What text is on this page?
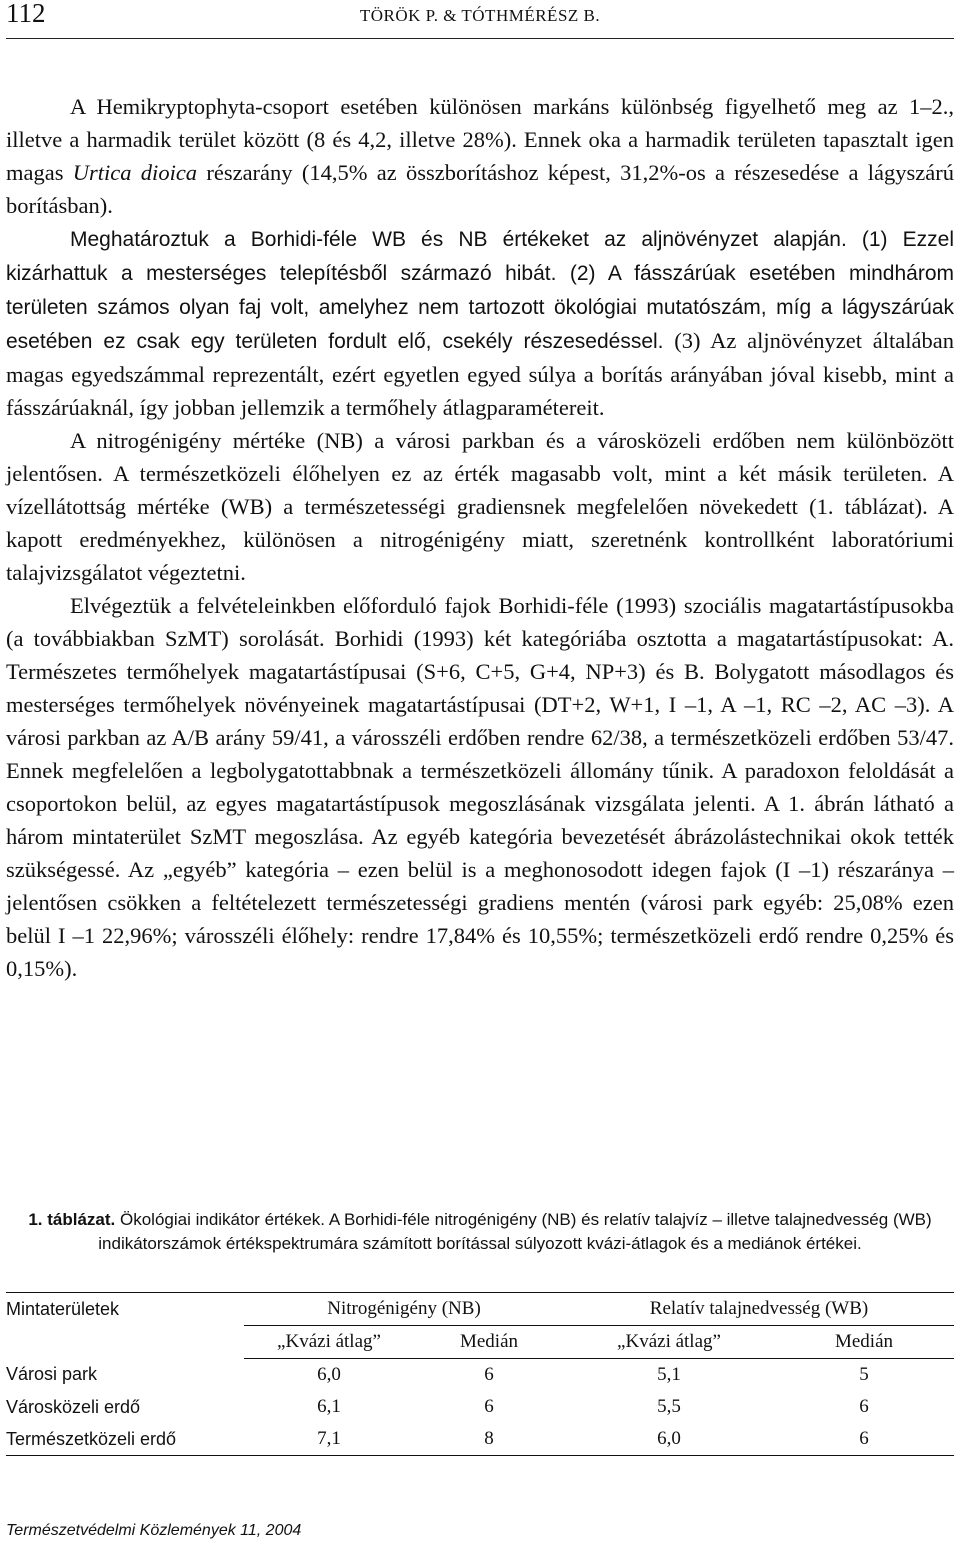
112	TÖRÖK P. & TÓTHMÉRÉSZ B.

A Hemikryptophyta-csoport esetében különösen markáns különbség figyelhető meg az 1–2., illetve a harmadik terület között (8 és 4,2, illetve 28%). Ennek oka a harmadik területen tapasztalt igen magas Urtica dioica részarány (14,5% az összborításhoz képest, 31,2%-os a részesedése a lágyszárú borításban).

Meghatároztuk a Borhidi-féle WB és NB értékeket az aljnövényzet alapján. (1) Ezzel kizárhattuk a mesterséges telepítésből származó hibát. (2) A fásszárúak esetében mindhárom területen számos olyan faj volt, amelyhez nem tartozott ökológiai mutatószám, míg a lágyszárúak esetében ez csak egy területen fordult elő, csekély részesedéssel. (3) Az aljnövényzet általában magas egyedszámmal reprezentált, ezért egyetlen egyed súlya a borítás arányában jóval kisebb, mint a fásszárúaknál, így jobban jellemzik a termőhely átlagparamétereit.

A nitrogénigény mértéke (NB) a városi parkban és a városközeli erdőben nem különbözött jelentősen. A természetközeli élőhelyen ez az érték magasabb volt, mint a két másik területen. A vízellátottság mértéke (WB) a természetességi gradiensnek megfelelően növekedett (1. táblázat). A kapott eredményekhez, különösen a nitrogénigény miatt, szeretnénk kontrollként laboratóriumi talajvizsgálatot végeztetni.

Elvégeztük a felvételeinkben előforduló fajok Borhidi-féle (1993) szociális magatartástípusokba (a továbbiakban SzMT) sorolását. Borhidi (1993) két kategóriába osztotta a magatartástípusokat: A. Természetes termőhelyek magatartástípusai (S+6, C+5, G+4, NP+3) és B. Bolygatott másodlagos és mesterséges termőhelyek növényeinek magatartástípusai (DT+2, W+1, I –1, A –1, RC –2, AC –3). A városi parkban az A/B arány 59/41, a városszéli erdőben rendre 62/38, a természetközeli erdőben 53/47. Ennek megfelelően a legbolygatottabbnak a természetközeli állomány tűnik. A paradoxon feloldását a csoportokon belül, az egyes magatartástípusok megoszlásának vizsgálata jelenti. A 1. ábrán látható a három mintaterület SzMT megoszlása. Az egyéb kategória bevezetését ábrázolástechnikai okok tették szükségessé. Az „egyéb” kategória – ezen belül is a meghonosodott idegen fajok (I –1) részaránya – jelentősen csökken a feltételezett természetességi gradiens mentén (városi park egyéb: 25,08% ezen belül I –1 22,96%; városszéli élőhely: rendre 17,84% és 10,55%; természetközeli erdő rendre 0,25% és 0,15%).

1. táblázat. Ökológiai indikátor értékek. A Borhidi-féle nitrogénigény (NB) és relatív talajvíz – illetve talajnedvesség (WB) indikátorszámok értékspektrumára számított borítással súlyozott kvázi-átlagok és a mediánok értékei.
Mintaterületek	Nitrogénigény (NB)		Relatív talajnedvesség (WB)	
	„Kvázi átlag”	Medián	„Kvázi átlag”	Medián
Városi park	6,0	6	5,1	5
Városközeli erdő	6,1	6	5,5	6
Természetközeli erdő	7,1	8	6,0	6
Természetvédelmi Közlemények 11, 2004
